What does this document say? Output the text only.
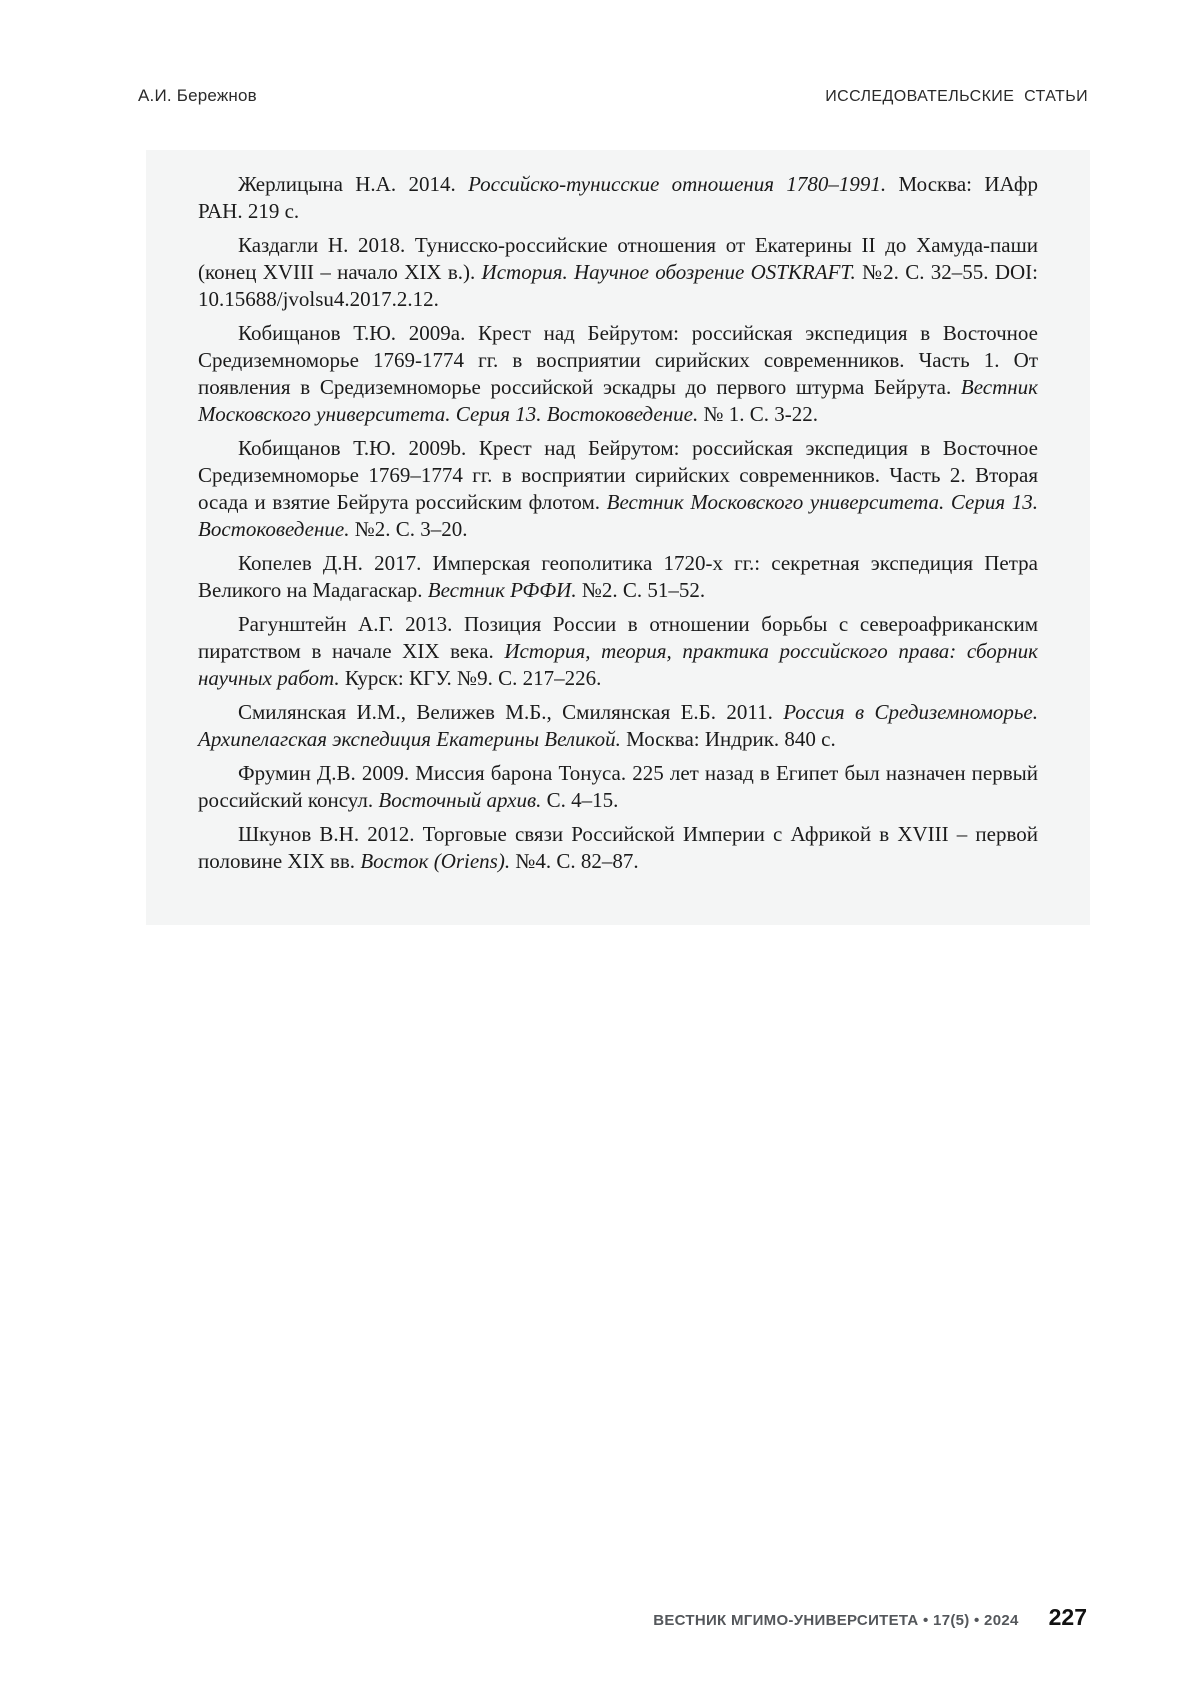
А.И. Бережнов	ИССЛЕДОВАТЕЛЬСКИЕ СТАТЬИ

Жерлицына Н.А. 2014. Российско-тунисские отношения 1780–1991. Москва: ИАфр РАН. 219 с.

Каздагли Н. 2018. Тунисско-российские отношения от Екатерины II до Хамуда-паши (конец XVIII – начало XIX в.). История. Научное обозрение OSTKRAFT. №2. С. 32–55. DOI: 10.15688/jvolsu4.2017.2.12.

Кобищанов Т.Ю. 2009a. Крест над Бейрутом: российская экспедиция в Восточное Средиземноморье 1769-1774 гг. в восприятии сирийских современников. Часть 1. От появления в Средиземноморье российской эскадры до первого штурма Бейрута. Вестник Московского университета. Серия 13. Востоковедение. № 1. С. 3-22.

Кобищанов Т.Ю. 2009b. Крест над Бейрутом: российская экспедиция в Восточное Средиземноморье 1769–1774 гг. в восприятии сирийских современников. Часть 2. Вторая осада и взятие Бейрута российским флотом. Вестник Московского университета. Серия 13. Востоковедение. №2. С. 3–20.

Копелев Д.Н. 2017. Имперская геополитика 1720-х гг.: секретная экспедиция Петра Великого на Мадагаскар. Вестник РФФИ. №2. С. 51–52.

Рагунштейн А.Г. 2013. Позиция России в отношении борьбы с североафриканским пиратством в начале XIX века. История, теория, практика российского права: сборник научных работ. Курск: КГУ. №9. С. 217–226.

Смилянская И.М., Велижев М.Б., Смилянская Е.Б. 2011. Россия в Средиземноморье. Архипелагская экспедиция Екатерины Великой. Москва: Индрик. 840 с.

Фрумин Д.В. 2009. Миссия барона Тонуса. 225 лет назад в Египет был назначен первый российский консул. Восточный архив. С. 4–15.

Шкунов В.Н. 2012. Торговые связи Российской Империи с Африкой в XVIII – первой половине XIX вв. Восток (Oriens). №4. С. 82–87.

ВЕСТНИК МГИМО-УНИВЕРСИТЕТА • 17(5) • 2024 227
